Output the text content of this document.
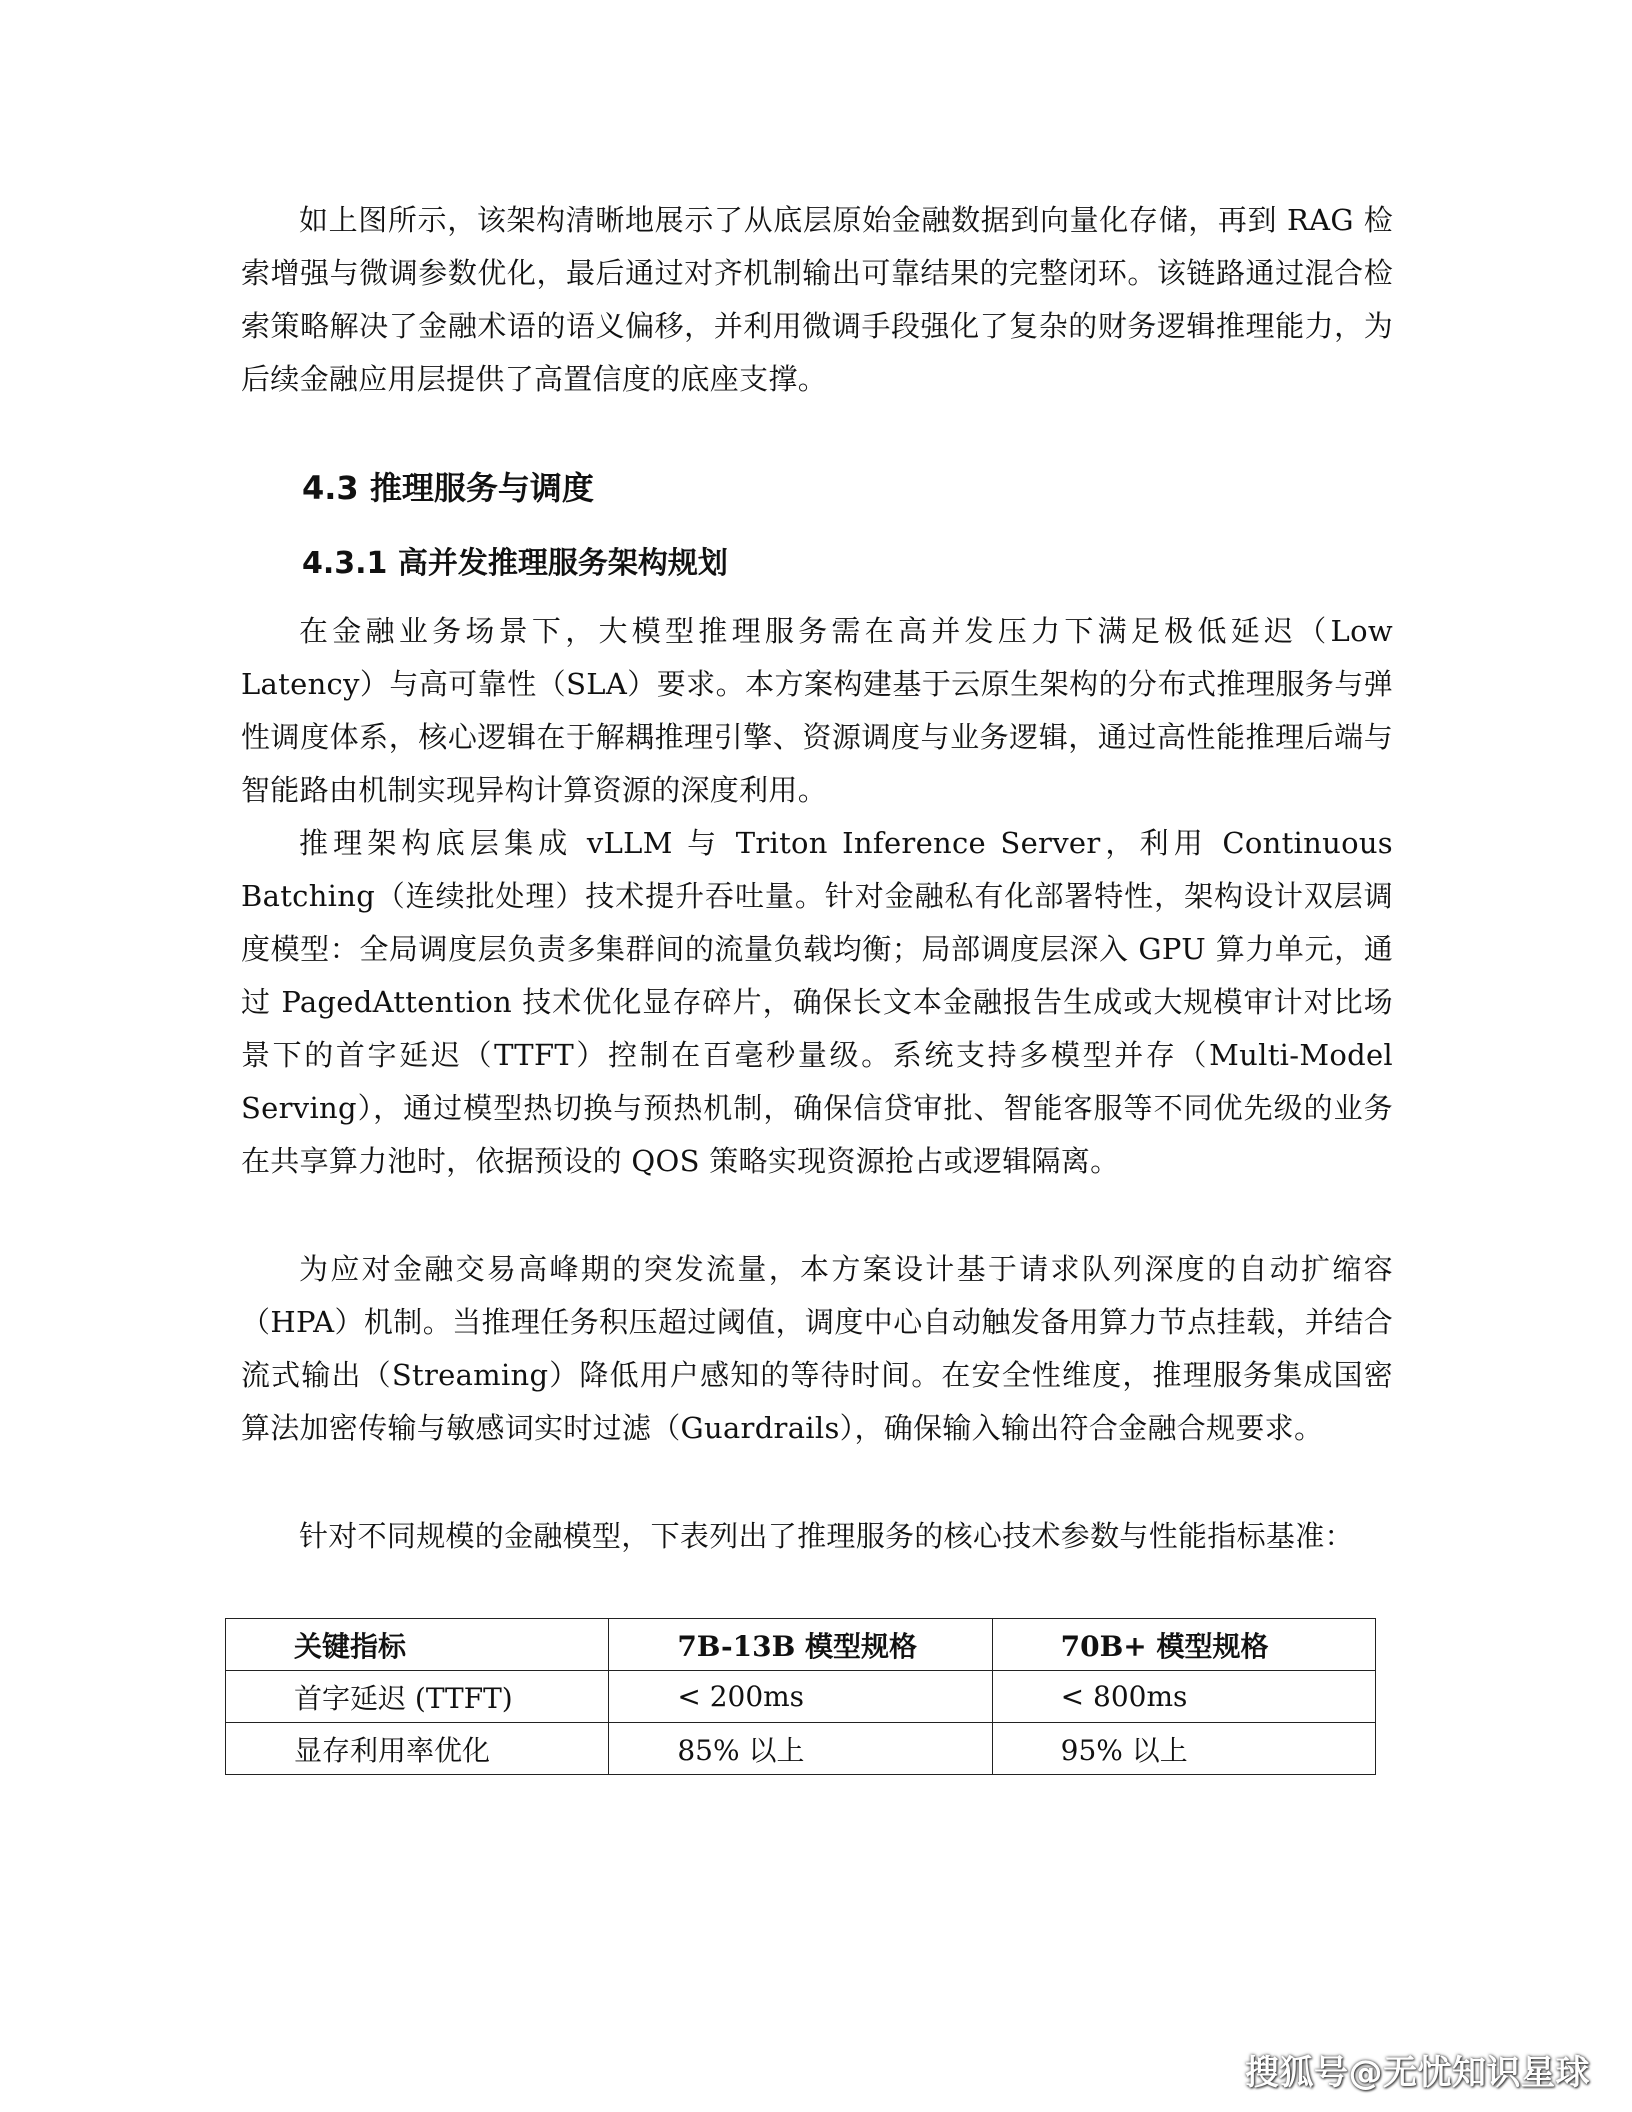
如上图所示，该架构清晰地展示了从底层原始金融数据到向量化存储，再到 RAG 检索增强与微调参数优化，最后通过对齐机制输出可靠结果的完整闭环。该链路通过混合检索策略解决了金融术语的语义偏移，并利用微调手段强化了复杂的财务逻辑推理能力，为后续金融应用层提供了高置信度的底座支撑。

4.3 推理服务与调度
4.3.1 高并发推理服务架构规划

在金融业务场景下，大模型推理服务需在高并发压力下满足极低延迟（Low Latency）与高可靠性（SLA）要求。本方案构建基于云原生架构的分布式推理服务与弹性调度体系，核心逻辑在于解耦推理引擎、资源调度与业务逻辑，通过高性能推理后端与智能路由机制实现异构计算资源的深度利用。

推理架构底层集成 vLLM 与 Triton Inference Server，利用 Continuous Batching（连续批处理）技术提升吞吐量。针对金融私有化部署特性，架构设计双层调度模型：全局调度层负责多集群间的流量负载均衡；局部调度层深入 GPU 算力单元，通过 PagedAttention 技术优化显存碎片，确保长文本金融报告生成或大规模审计对比场景下的首字延迟（TTFT）控制在百毫秒量级。系统支持多模型并存（Multi-Model Serving），通过模型热切换与预热机制，确保信贷审批、智能客服等不同优先级的业务在共享算力池时，依据预设的 QOS 策略实现资源抢占或逻辑隔离。

为应对金融交易高峰期的突发流量，本方案设计基于请求队列深度的自动扩缩容（HPA）机制。当推理任务积压超过阈值，调度中心自动触发备用算力节点挂载，并结合流式输出（Streaming）降低用户感知的等待时间。在安全性维度，推理服务集成国密算法加密传输与敏感词实时过滤（Guardrails），确保输入输出符合金融合规要求。

针对不同规模的金融模型，下表列出了推理服务的核心技术参数与性能指标基准：

关键指标	7B-13B 模型规格	70B+ 模型规格
首字延迟 (TTFT)	< 200ms	< 800ms
显存利用率优化	85% 以上	95% 以上
搜狐号@无忧知识星球
